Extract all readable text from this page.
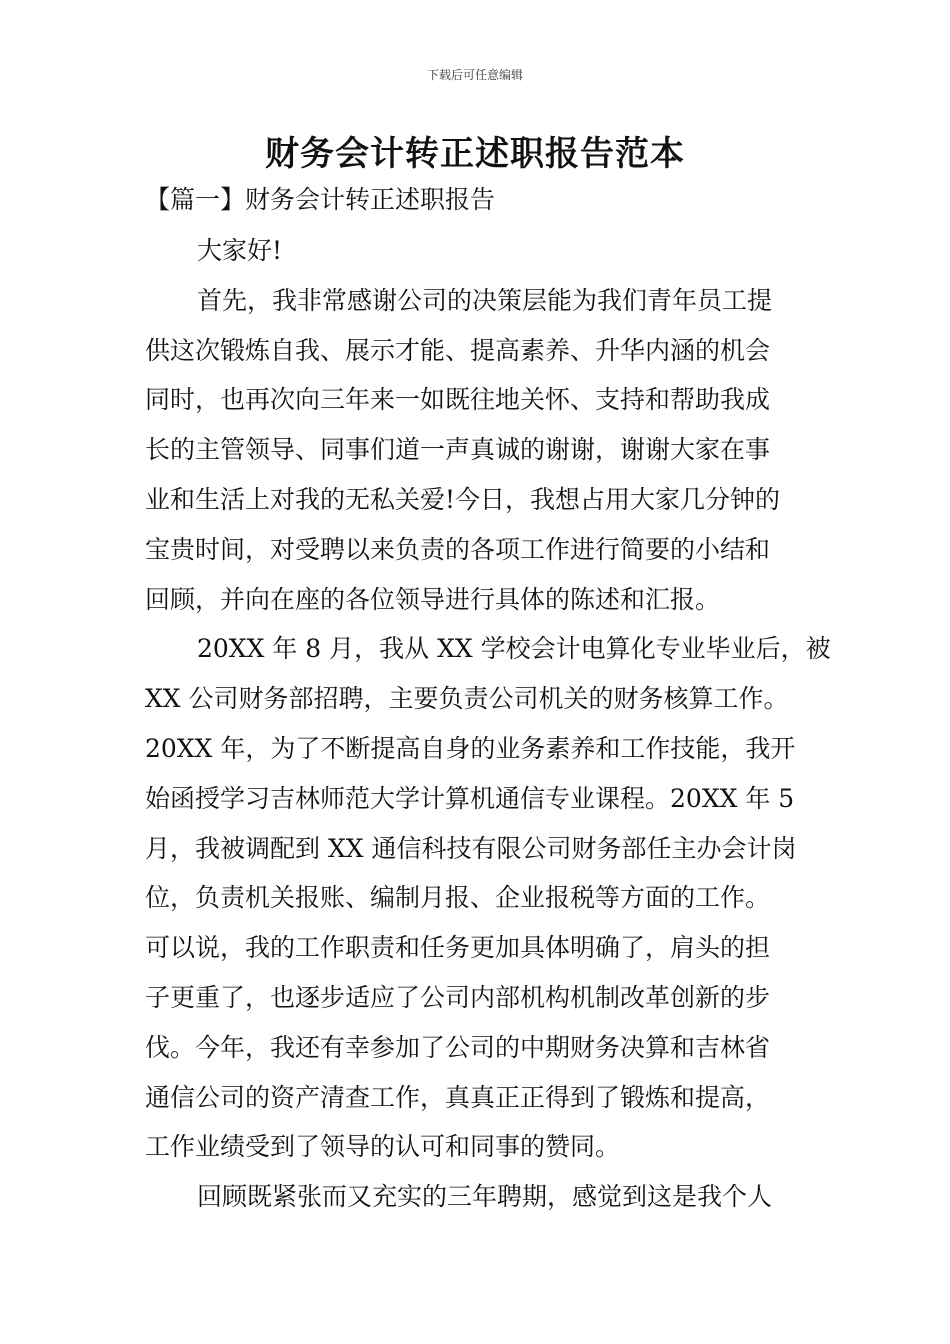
下载后可任意编辑
财务会计转正述职报告范本
【篇一】财务会计转正述职报告
大家好!
首先，我非常感谢公司的决策层能为我们青年员工提
供这次锻炼自我、展示才能、提高素养、升华内涵的机会
同时，也再次向三年来一如既往地关怀、支持和帮助我成
长的主管领导、同事们道一声真诚的谢谢，谢谢大家在事
业和生活上对我的无私关爱!今日，我想占用大家几分钟的
宝贵时间，对受聘以来负责的各项工作进行简要的小结和
回顾，并向在座的各位领导进行具体的陈述和汇报。
20XX 年 8 月，我从 XX 学校会计电算化专业毕业后，被
XX 公司财务部招聘，主要负责公司机关的财务核算工作。
20XX 年，为了不断提高自身的业务素养和工作技能，我开
始函授学习吉林师范大学计算机通信专业课程。20XX 年 5
月，我被调配到 XX 通信科技有限公司财务部任主办会计岗
位，负责机关报账、编制月报、企业报税等方面的工作。
可以说，我的工作职责和任务更加具体明确了，肩头的担
子更重了，也逐步适应了公司内部机构机制改革创新的步
伐。今年，我还有幸参加了公司的中期财务决算和吉林省
通信公司的资产清查工作，真真正正得到了锻炼和提高，
工作业绩受到了领导的认可和同事的赞同。
回顾既紧张而又充实的三年聘期，感觉到这是我个人
